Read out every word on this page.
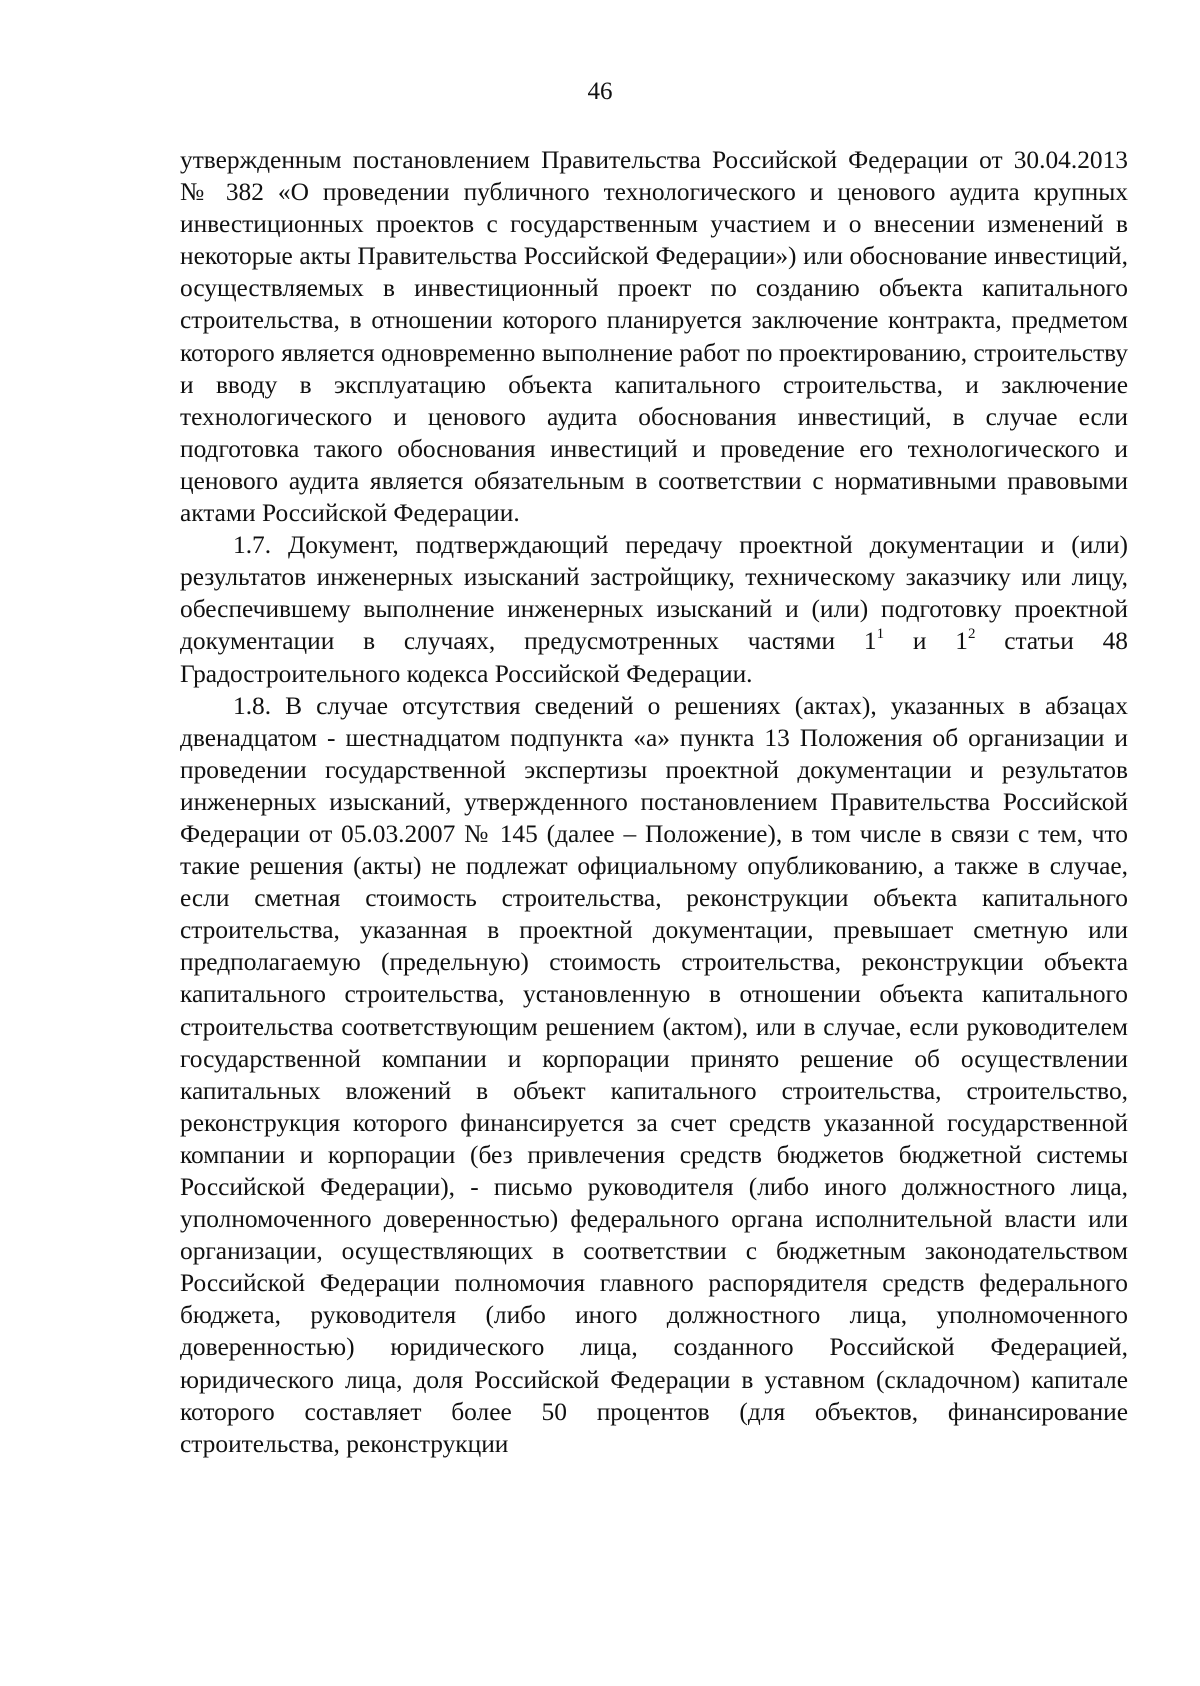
46

утвержденным постановлением Правительства Российской Федерации от 30.04.2013 № 382 «О проведении публичного технологического и ценового аудита крупных инвестиционных проектов с государственным участием и о внесении изменений в некоторые акты Правительства Российской Федерации») или обоснование инвестиций, осуществляемых в инвестиционный проект по созданию объекта капитального строительства, в отношении которого планируется заключение контракта, предметом которого является одновременно выполнение работ по проектированию, строительству и вводу в эксплуатацию объекта капитального строительства, и заключение технологического и ценового аудита обоснования инвестиций, в случае если подготовка такого обоснования инвестиций и проведение его технологического и ценового аудита является обязательным в соответствии с нормативными правовыми актами Российской Федерации.

1.7. Документ, подтверждающий передачу проектной документации и (или) результатов инженерных изысканий застройщику, техническому заказчику или лицу, обеспечившему выполнение инженерных изысканий и (или) подготовку проектной документации в случаях, предусмотренных частями $1^1$ и $1^2$ статьи 48 Градостроительного кодекса Российской Федерации.

1.8. В случае отсутствия сведений о решениях (актах), указанных в абзацах двенадцатом - шестнадцатом подпункта «а» пункта 13 Положения об организации и проведении государственной экспертизы проектной документации и результатов инженерных изысканий, утвержденного постановлением Правительства Российской Федерации от 05.03.2007 № 145 (далее – Положение), в том числе в связи с тем, что такие решения (акты) не подлежат официальному опубликованию, а также в случае, если сметная стоимость строительства, реконструкции объекта капитального строительства, указанная в проектной документации, превышает сметную или предполагаемую (предельную) стоимость строительства, реконструкции объекта капитального строительства, установленную в отношении объекта капитального строительства соответствующим решением (актом), или в случае, если руководителем государственной компании и корпорации принято решение об осуществлении капитальных вложений в объект капитального строительства, строительство, реконструкция которого финансируется за счет средств указанной государственной компании и корпорации (без привлечения средств бюджетов бюджетной системы Российской Федерации), - письмо руководителя (либо иного должностного лица, уполномоченного доверенностью) федерального органа исполнительной власти или организации, осуществляющих в соответствии с бюджетным законодательством Российской Федерации полномочия главного распорядителя средств федерального бюджета, руководителя (либо иного должностного лица, уполномоченного доверенностью) юридического лица, созданного Российской Федерацией, юридического лица, доля Российской Федерации в уставном (складочном) капитале которого составляет более 50 процентов (для объектов, финансирование строительства, реконструкции
